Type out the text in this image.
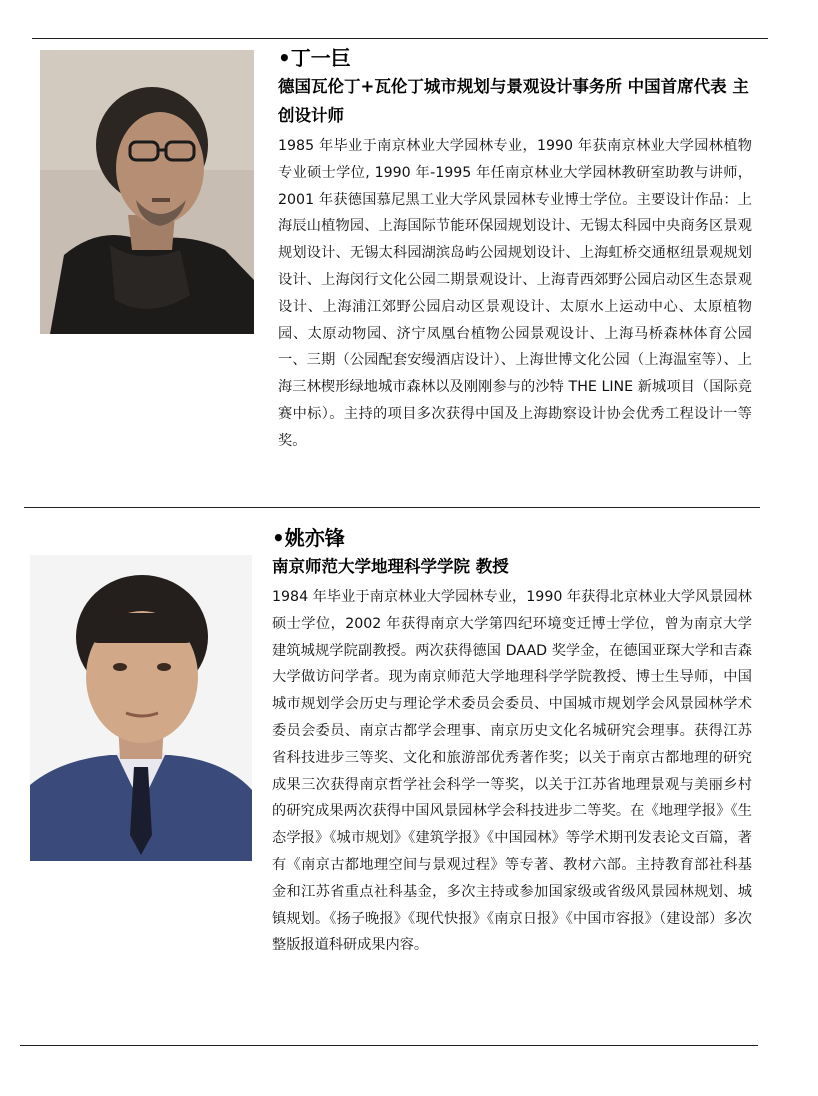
•丁一巨

德国瓦伦丁+瓦伦丁城市规划与景观设计事务所 中国首席代表 主创设计师

1985 年毕业于南京林业大学园林专业，1990 年获南京林业大学园林植物专业硕士学位, 1990 年-1995 年任南京林业大学园林教研室助教与讲师，2001 年获德国慕尼黑工业大学风景园林专业博士学位。主要设计作品：上海辰山植物园、上海国际节能环保园规划设计、无锡太科园中央商务区景观规划设计、无锡太科园湖滨岛屿公园规划设计、上海虹桥交通枢纽景观规划设计、上海闵行文化公园二期景观设计、上海青西郊野公园启动区生态景观设计、上海浦江郊野公园启动区景观设计、太原水上运动中心、太原植物园、太原动物园、济宁凤凰台植物公园景观设计、上海马桥森林体育公园一、三期（公园配套安缦酒店设计）、上海世博文化公园（上海温室等）、上海三林楔形绿地城市森林以及刚刚参与的沙特 THE LINE 新城项目（国际竞赛中标）。主持的项目多次获得中国及上海勘察设计协会优秀工程设计一等奖。

•姚亦锋

南京师范大学地理科学学院 教授

1984 年毕业于南京林业大学园林专业，1990 年获得北京林业大学风景园林硕士学位，2002 年获得南京大学第四纪环境变迁博士学位，曾为南京大学建筑城规学院副教授。两次获得德国 DAAD 奖学金，在德国亚琛大学和吉森大学做访问学者。现为南京师范大学地理科学学院教授、博士生导师，中国城市规划学会历史与理论学术委员会委员、中国城市规划学会风景园林学术委员会委员、南京古都学会理事、南京历史文化名城研究会理事。获得江苏省科技进步三等奖、文化和旅游部优秀著作奖；以关于南京古都地理的研究成果三次获得南京哲学社会科学一等奖，以关于江苏省地理景观与美丽乡村的研究成果两次获得中国风景园林学会科技进步二等奖。在《地理学报》《生态学报》《城市规划》《建筑学报》《中国园林》等学术期刊发表论文百篇，著有《南京古都地理空间与景观过程》等专著、教材六部。主持教育部社科基金和江苏省重点社科基金，多次主持或参加国家级或省级风景园林规划、城镇规划。《扬子晚报》《现代快报》《南京日报》《中国市容报》（建设部）多次整版报道科研成果内容。
